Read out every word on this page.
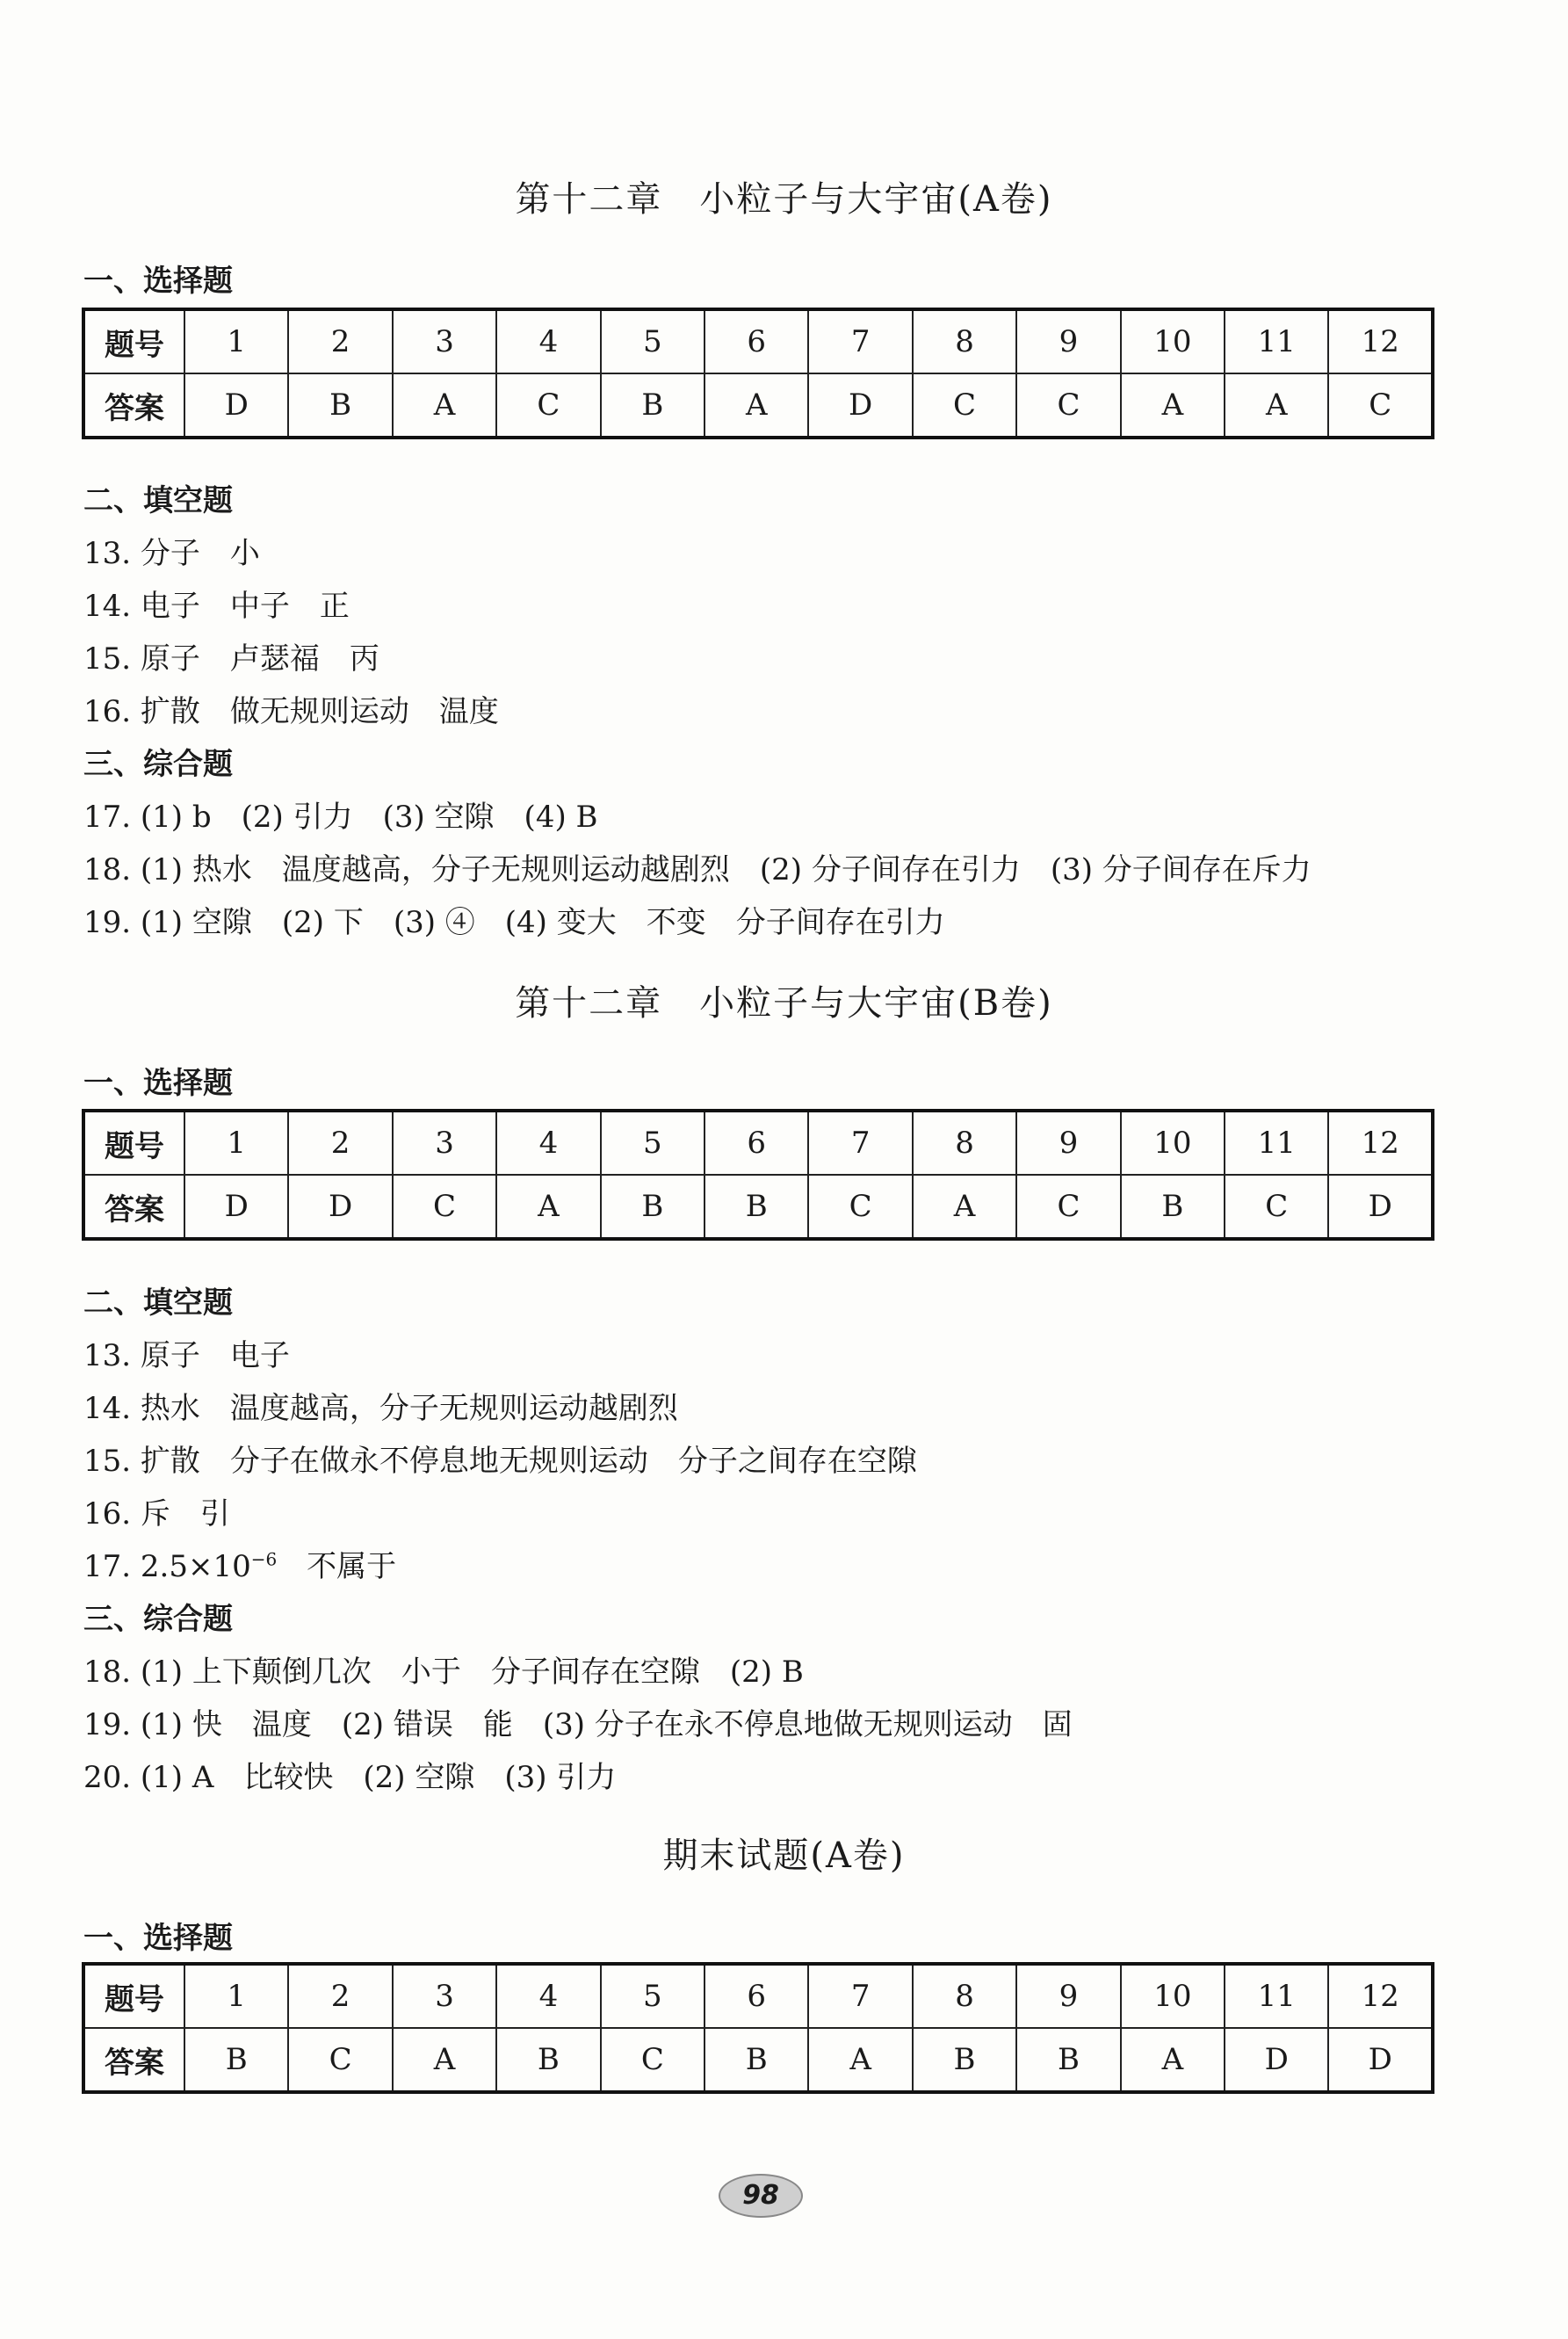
第十二章　小粒子与大宇宙(A卷)
一、选择题
题号	1	2	3	4	5	6	7	8	9	10	11	12
答案	D	B	A	C	B	A	D	C	C	A	A	C
二、填空题
13. 分子　小
14. 电子　中子　正
15. 原子　卢瑟福　丙
16. 扩散　做无规则运动　温度
三、综合题
17. (1) b　(2) 引力　(3) 空隙　(4) B
18. (1) 热水　温度越高，分子无规则运动越剧烈　(2) 分子间存在引力　(3) 分子间存在斥力
19. (1) 空隙　(2) 下　(3) ④　(4) 变大　不变　分子间存在引力
第十二章　小粒子与大宇宙(B卷)
一、选择题
题号	1	2	3	4	5	6	7	8	9	10	11	12
答案	D	D	C	A	B	B	C	A	C	B	C	D
二、填空题
13. 原子　电子
14. 热水　温度越高，分子无规则运动越剧烈
15. 扩散　分子在做永不停息地无规则运动　分子之间存在空隙
16. 斥　引
17. $2.5\times 10^{-6}$　不属于
三、综合题
18. (1) 上下颠倒几次　小于　分子间存在空隙　(2) B
19. (1) 快　温度　(2) 错误　能　(3) 分子在永不停息地做无规则运动　固
20. (1) A　比较快　(2) 空隙　(3) 引力
期末试题(A卷)
一、选择题
题号	1	2	3	4	5	6	7	8	9	10	11	12
答案	B	C	A	B	C	B	A	B	B	A	D	D
98
